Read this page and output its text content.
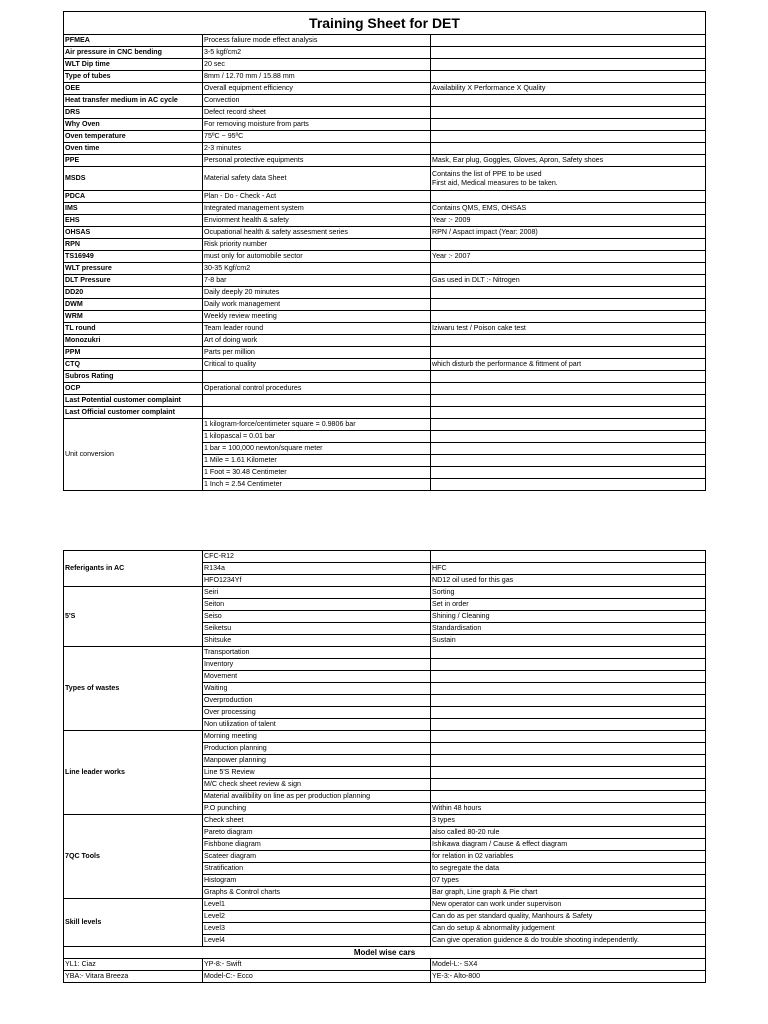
Training Sheet for DET		
PFMEA	Process faliure mode effect analysis	
Air pressure in CNC bending	3-5 kgf/cm2	
WLT Dip time	20 sec	
Type of tubes	8mm / 12.70 mm / 15.88 mm	
OEE	Overall equipment efficiency	Availability X Performance X Quality
Heat transfer medium in AC cycle	Convection	
DRS	Defect record sheet	
Why Oven	For removing moisture from parts	
Oven temperature	75ºC ~ 95ºC	
Oven time	2-3 minutes	
PPE	Personal protective equipments	Mask, Ear plug, Goggles, Gloves, Apron, Safety shoes
MSDS	Material safety data Sheet	Contains the list of PPE to be used
First aid, Medical measures to be taken.
PDCA	Plan - Do - Check - Act	
IMS	Integrated management system	Contains QMS, EMS, OHSAS
EHS	Enviorment health & safety	Year :- 2009
OHSAS	Ocupational health & safety assesment series	RPN / Aspact impact (Year: 2008)
RPN	Risk priority number	
TS16949	must only for automobile sector	Year :- 2007
WLT pressure	30-35 Kgf/cm2	
DLT Pressure	7-8 bar	Gas used in DLT :- Nitrogen
DD20	Daily deeply 20 minutes	
DWM	Daily work management	
WRM	Weekly review meeting	
TL round	Team leader round	Iziwaru test / Poison cake test
Monozukri	Art of doing work	
PPM	Parts per million	
CTQ	Critical to quality	which disturb the performance & fittment of part
Subros Rating		
OCP	Operational control procedures	
Last Potential customer complaint		
Last Official customer complaint		
Unit conversion	1 kilogram-force/centimeter square = 0.9806 bar	
	1 kilopascal = 0.01 bar	
	1 bar = 100,000 newton/square meter	
	1 Mile = 1.61 Kilometer	
	1 Foot = 30.48 Centimeter	
	1 Inch = 2.54 Centimeter	
Referigants in AC	CFC-R12	
	R134a	HFC
	HFO1234Yf	ND12 oil used for this gas
5'S	Seiri	Sorting
	Seiton	Set in order
	Seiso	Shining / Cleaning
	Seiketsu	Standardisation
	Shitsuke	Sustain
Types of wastes	Transportation	
	Inventory	
	Movement	
	Waiting	
	Overproduction	
	Over processing	
	Non utilization of talent	
Line leader works	Morning meeting	
	Production planning	
	Manpower planning	
	Line 5'S Review	
	M/C check sheet review & sign	
	Material availibility on line as per production planning	
	P.O punching	Within 48 hours
7QC Tools	Check sheet	3 types
	Pareto diagram	also called 80-20 rule
	Fishbone diagram	Ishikawa diagram / Cause & effect diagram
	Scateer diagram	for relation in 02 variables
	Stratification	to segregate the data
	Histogram	07 types
	Graphs & Control charts	Bar graph, Line graph & Pie chart
Skill levels	Level1	New operator can work under supervison
	Level2	Can do as per standard quality, Manhours & Safety
	Level3	Can do setup & abnormality judgement
	Level4	Can give operation guidence & do trouble shooting independently.
Model wise cars		
YL1: Ciaz	YP-8:- Swift	Model-L:- SX4
YBA:- Vitara Breeza	Model-C:- Ecco	YE-3:- Alto-800
